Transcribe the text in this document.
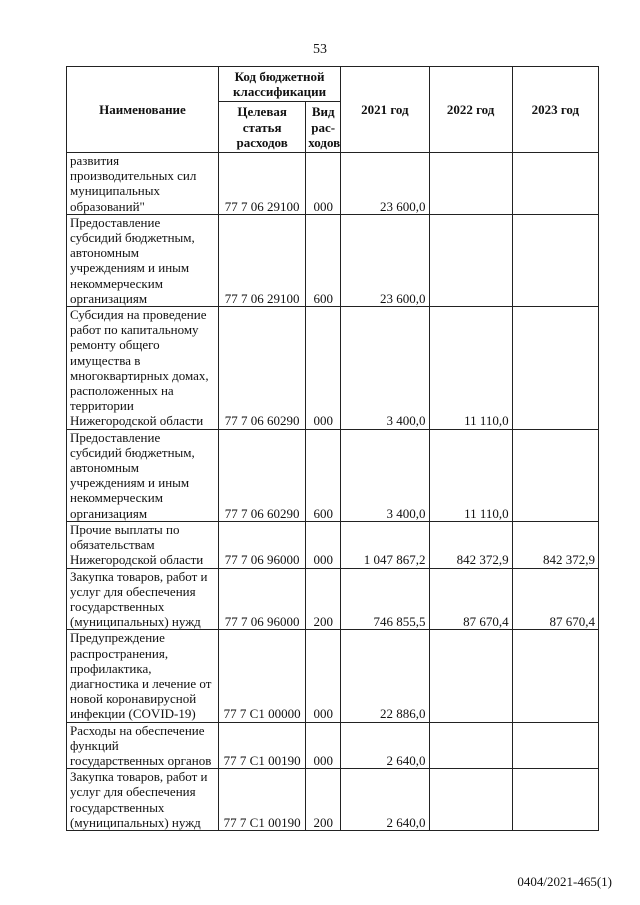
53
Наименование	Код бюджетной классификации		2021 год	2022 год	2023 год
	Целевая статья расходов	Вид рас-ходов			
развития производительных сил муниципальных образований"	77 7 06 29100	000	23 600,0		
Предоставление субсидий бюджетным, автономным учреждениям и иным некоммерческим организациям	77 7 06 29100	600	23 600,0		
Субсидия на проведение работ по капитальному ремонту общего имущества в многоквартирных домах, расположенных на территории Нижегородской области	77 7 06 60290	000	3 400,0	11 110,0	
Предоставление субсидий бюджетным, автономным учреждениям и иным некоммерческим организациям	77 7 06 60290	600	3 400,0	11 110,0	
Прочие выплаты по обязательствам Нижегородской области	77 7 06 96000	000	1 047 867,2	842 372,9	842 372,9
Закупка товаров, работ и услуг для обеспечения государственных (муниципальных) нужд	77 7 06 96000	200	746 855,5	87 670,4	87 670,4
Предупреждение распространения, профилактика, диагностика и лечение от новой коронавирусной инфекции (COVID-19)	77 7 C1 00000	000	22 886,0		
Расходы на обеспечение функций государственных органов	77 7 C1 00190	000	2 640,0		
Закупка товаров, работ и услуг для обеспечения государственных (муниципальных) нужд	77 7 C1 00190	200	2 640,0		
0404/2021-465(1)
